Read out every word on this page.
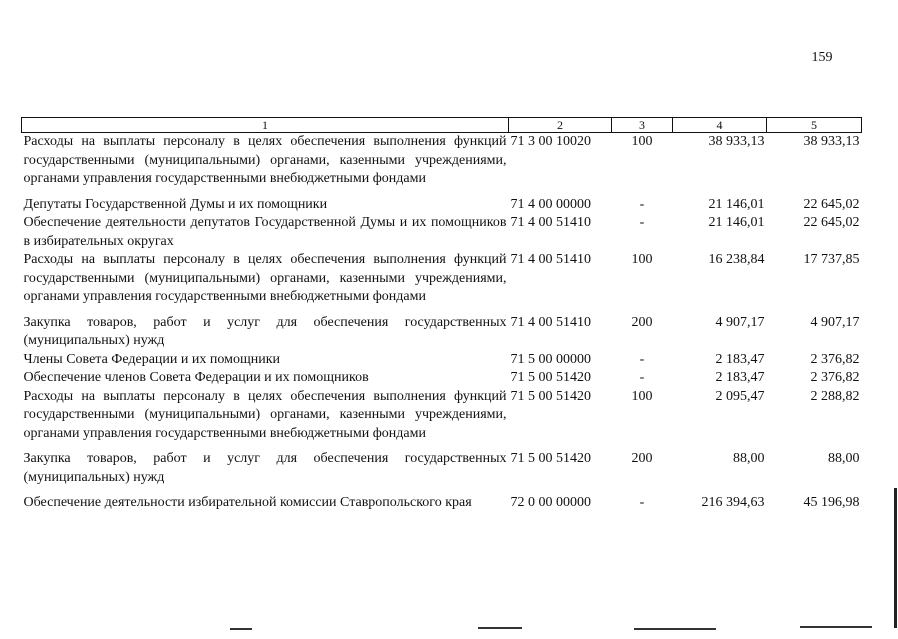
159
1	2	3	4	5
Расходы на выплаты персоналу в целях обеспечения выполнения функций государственными (муниципальными) органами, казенными учреждениями, органами управления государственными внебюджетными фондами	71 3 00 10020	100	38 933,13	38 933,13
Депутаты Государственной Думы и их помощники	71 4 00 00000	-	21 146,01	22 645,02
Обеспечение деятельности депутатов Государственной Думы и их помощников в избирательных округах	71 4 00 51410	-	21 146,01	22 645,02
Расходы на выплаты персоналу в целях обеспечения выполнения функций государственными (муниципальными) органами, казенными учреждениями, органами управления государственными внебюджетными фондами	71 4 00 51410	100	16 238,84	17 737,85
Закупка товаров, работ и услуг для обеспечения государственных (муниципальных) нужд	71 4 00 51410	200	4 907,17	4 907,17
Члены Совета Федерации и их помощники	71 5 00 00000	-	2 183,47	2 376,82
Обеспечение членов Совета Федерации и их помощников	71 5 00 51420	-	2 183,47	2 376,82
Расходы на выплаты персоналу в целях обеспечения выполнения функций государственными (муниципальными) органами, казенными учреждениями, органами управления государственными внебюджетными фондами	71 5 00 51420	100	2 095,47	2 288,82
Закупка товаров, работ и услуг для обеспечения государственных (муниципальных) нужд	71 5 00 51420	200	88,00	88,00
Обеспечение деятельности избирательной комиссии Ставропольского края	72 0 00 00000	-	216 394,63	45 196,98
